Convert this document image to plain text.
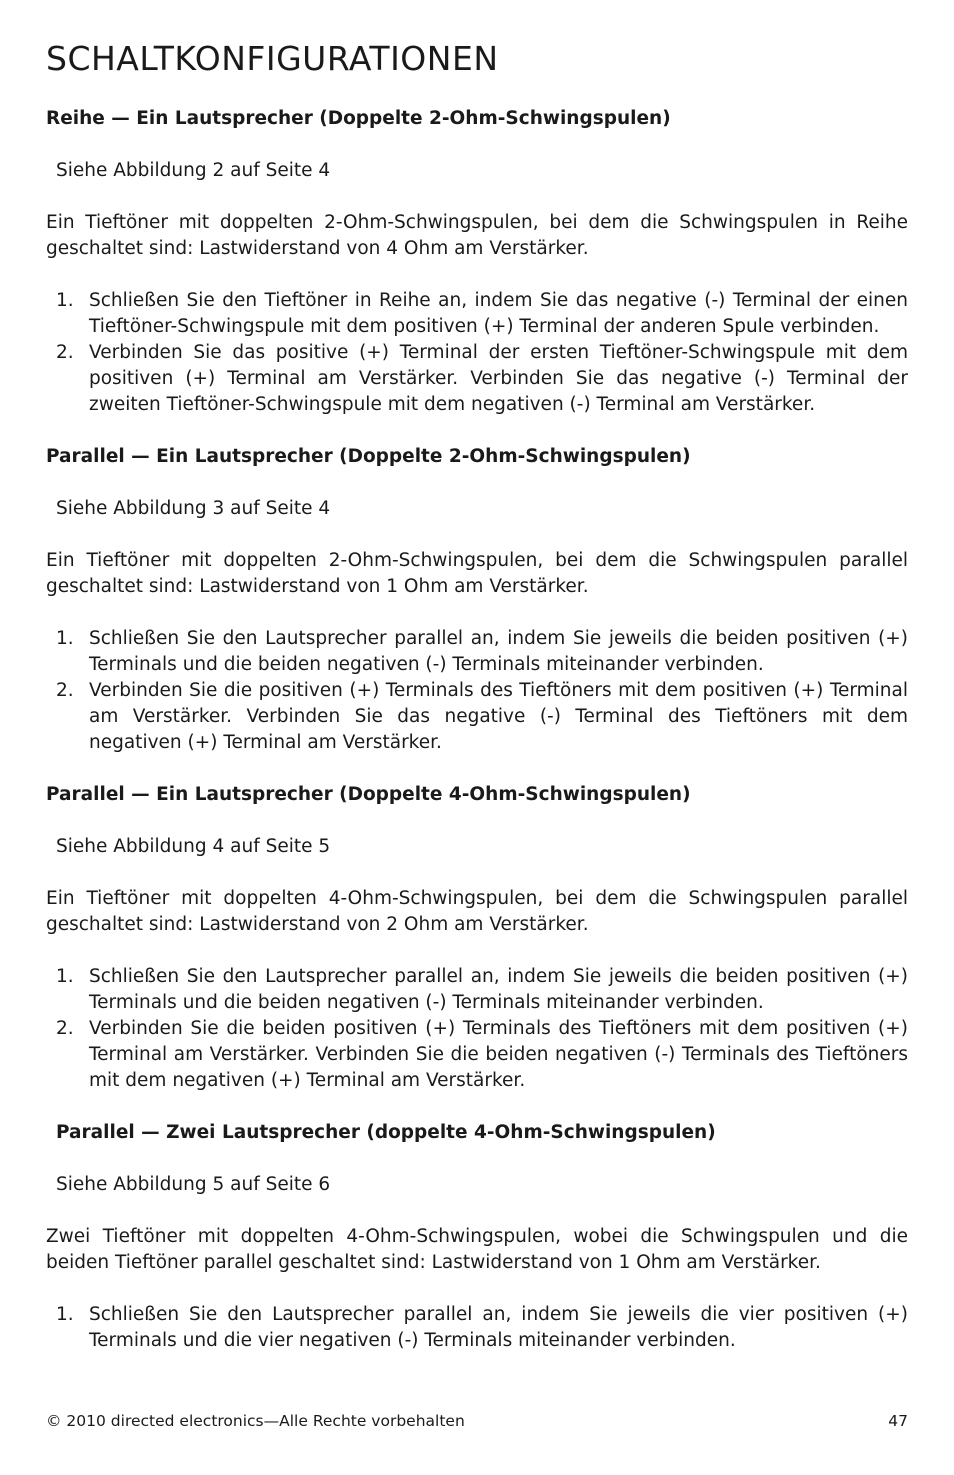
SCHALTKONFIGURATIONEN
Reihe — Ein Lautsprecher (Doppelte 2-Ohm-Schwingspulen)

Siehe Abbildung 2 auf Seite 4

Ein Tieftöner mit doppelten 2-Ohm-Schwingspulen, bei dem die Schwingspulen in Reihe geschaltet sind: Lastwiderstand von 4 Ohm am Verstärker.

1. Schließen Sie den Tieftöner in Reihe an, indem Sie das negative (-) Terminal der einen Tieftöner-Schwingspule mit dem positiven (+) Terminal der anderen Spule verbinden.
2. Verbinden Sie das positive (+) Terminal der ersten Tieftöner-Schwingspule mit dem positiven (+) Terminal am Verstärker. Verbinden Sie das negative (-) Terminal der zweiten Tieftöner-Schwingspule mit dem negativen (-) Terminal am Verstärker.
Parallel — Ein Lautsprecher (Doppelte 2-Ohm-Schwingspulen)

Siehe Abbildung 3 auf Seite 4

Ein Tieftöner mit doppelten 2-Ohm-Schwingspulen, bei dem die Schwingspulen parallel geschaltet sind: Lastwiderstand von 1 Ohm am Verstärker.

1. Schließen Sie den Lautsprecher parallel an, indem Sie jeweils die beiden positiven (+) Terminals und die beiden negativen (-) Terminals miteinander verbinden.
2. Verbinden Sie die positiven (+) Terminals des Tieftöners mit dem positiven (+) Terminal am Verstärker. Verbinden Sie das negative (-) Terminal des Tieftöners mit dem negativen (+) Terminal am Verstärker.
Parallel — Ein Lautsprecher (Doppelte 4-Ohm-Schwingspulen)

Siehe Abbildung 4 auf Seite 5

Ein Tieftöner mit doppelten 4-Ohm-Schwingspulen, bei dem die Schwingspulen parallel geschaltet sind: Lastwiderstand von 2 Ohm am Verstärker.

1. Schließen Sie den Lautsprecher parallel an, indem Sie jeweils die beiden positiven (+) Terminals und die beiden negativen (-) Terminals miteinander verbinden.
2. Verbinden Sie die beiden positiven (+) Terminals des Tieftöners mit dem positiven (+) Terminal am Verstärker. Verbinden Sie die beiden negativen (-) Terminals des Tieftöners mit dem negativen (+) Terminal am Verstärker.
Parallel — Zwei Lautsprecher (doppelte 4-Ohm-Schwingspulen)

Siehe Abbildung 5 auf Seite 6

Zwei Tieftöner mit doppelten 4-Ohm-Schwingspulen, wobei die Schwingspulen und die beiden Tieftöner parallel geschaltet sind: Lastwiderstand von 1 Ohm am Verstärker.

1. Schließen Sie den Lautsprecher parallel an, indem Sie jeweils die vier positiven (+) Terminals und die vier negativen (-) Terminals miteinander verbinden.
© 2010 directed electronics—Alle Rechte vorbehalten	47
